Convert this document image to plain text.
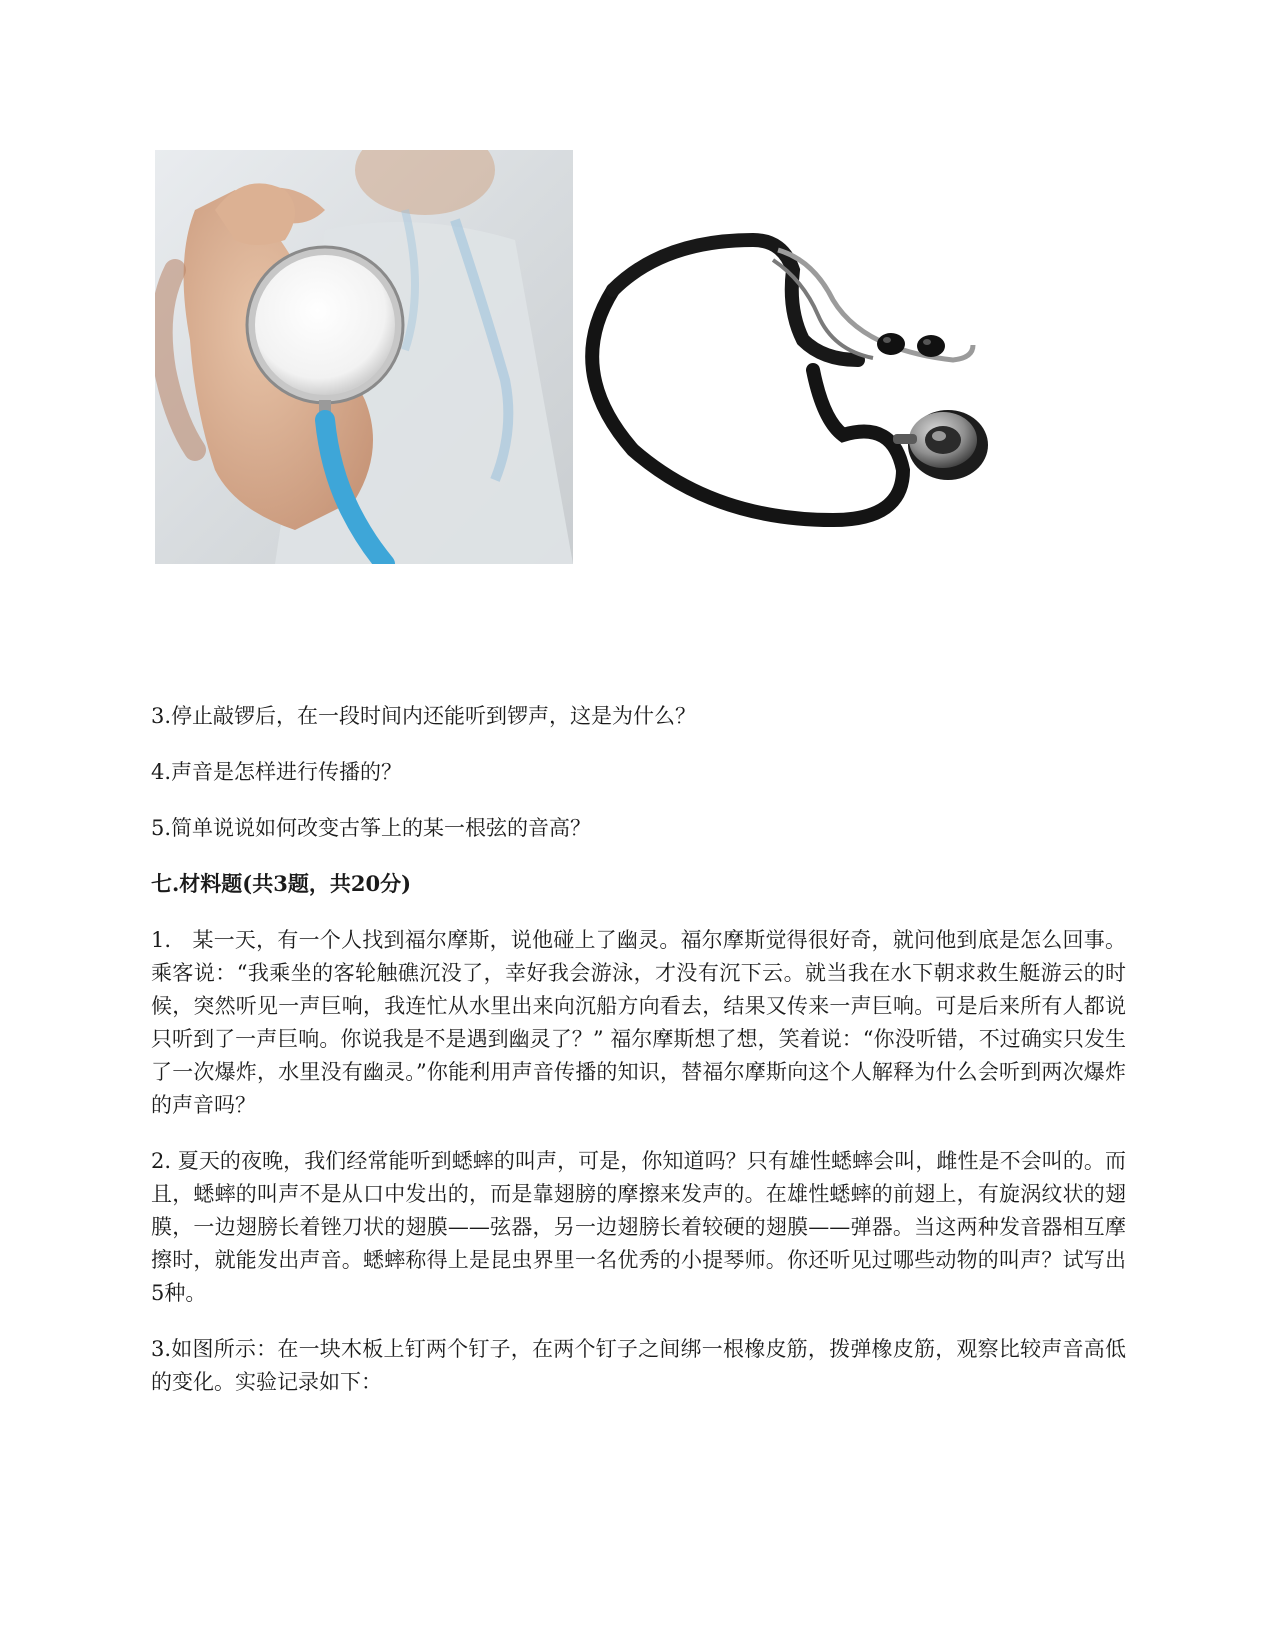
3.停止敲锣后，在一段时间内还能听到锣声，这是为什么？

4.声音是怎样进行传播的？

5.简单说说如何改变古筝上的某一根弦的音高？

七.材料题(共3题，共20分)

1.　某一天，有一个人找到福尔摩斯，说他碰上了幽灵。福尔摩斯觉得很好奇，就问他到底是怎么回事。乘客说：“我乘坐的客轮触礁沉没了，幸好我会游泳，才没有沉下云。就当我在水下朝求救生艇游云的时候，突然听见一声巨响，我连忙从水里出来向沉船方向看去，结果又传来一声巨响。可是后来所有人都说只听到了一声巨响。你说我是不是遇到幽灵了？” 福尔摩斯想了想，笑着说：“你没听错，不过确实只发生了一次爆炸，水里没有幽灵。”你能利用声音传播的知识，替福尔摩斯向这个人解释为什么会听到两次爆炸的声音吗？

2. 夏天的夜晚，我们经常能听到蟋蟀的叫声，可是，你知道吗？只有雄性蟋蟀会叫，雌性是不会叫的。而且，蟋蟀的叫声不是从口中发出的，而是靠翅膀的摩擦来发声的。在雄性蟋蟀的前翅上，有旋涡纹状的翅膜，一边翅膀长着锉刀状的翅膜——弦器，另一边翅膀长着较硬的翅膜——弹器。当这两种发音器相互摩擦时，就能发出声音。蟋蟀称得上是昆虫界里一名优秀的小提琴师。你还听见过哪些动物的叫声？试写出5种。

3.如图所示：在一块木板上钉两个钉子，在两个钉子之间绑一根橡皮筋，拨弹橡皮筋，观察比较声音高低的变化。实验记录如下：
